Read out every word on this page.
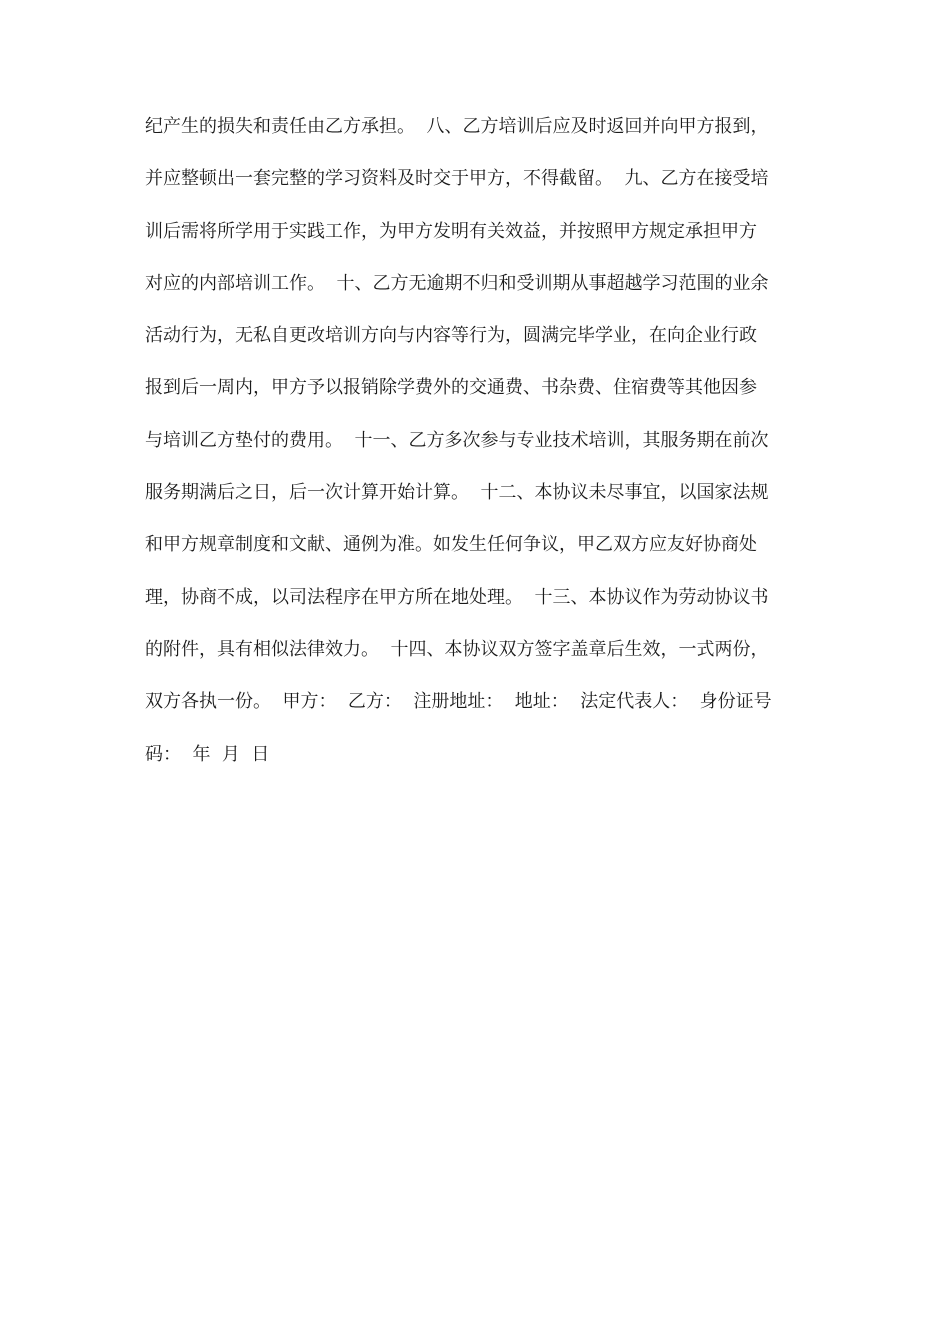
纪产生的损失和责任由乙方承担。  八、乙方培训后应及时返回并向甲方报到，
并应整顿出一套完整的学习资料及时交于甲方，不得截留。  九、乙方在接受培
训后需将所学用于实践工作，为甲方发明有关效益，并按照甲方规定承担甲方
对应的内部培训工作。  十、乙方无逾期不归和受训期从事超越学习范围的业余
活动行为，无私自更改培训方向与内容等行为，圆满完毕学业，在向企业行政
报到后一周内，甲方予以报销除学费外的交通费、书杂费、住宿费等其他因参
与培训乙方垫付的费用。  十一、乙方多次参与专业技术培训，其服务期在前次
服务期满后之日，后一次计算开始计算。  十二、本协议未尽事宜，以国家法规
和甲方规章制度和文献、通例为准。如发生任何争议，甲乙双方应友好协商处
理，协商不成，以司法程序在甲方所在地处理。  十三、本协议作为劳动协议书
的附件，具有相似法律效力。  十四、本协议双方签字盖章后生效，一式两份，
双方各执一份。  甲方：  乙方：  注册地址：  地址：  法定代表人：  身份证号
码：  年  月  日
